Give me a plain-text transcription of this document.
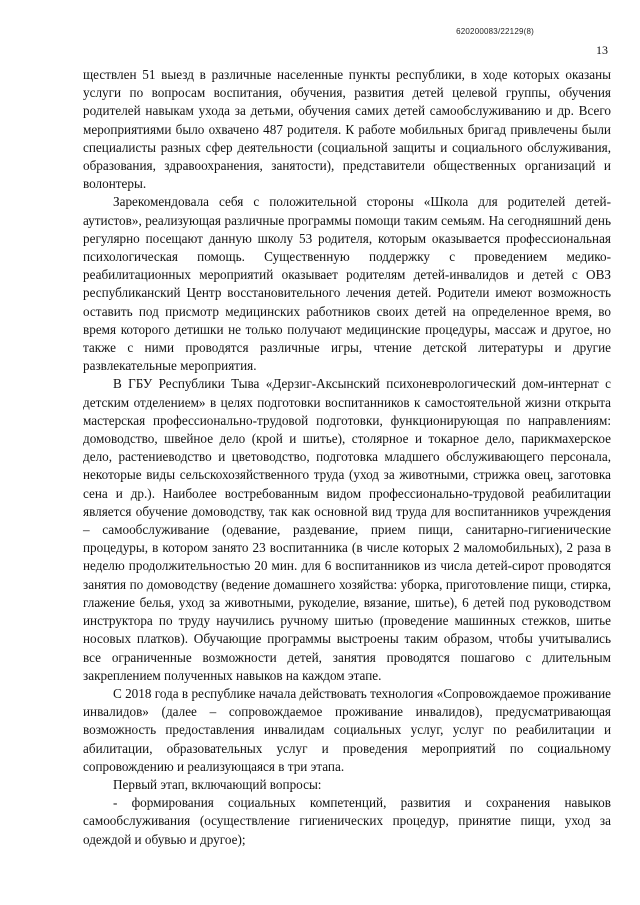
620200083/22129(8)
13

ществлен 51 выезд в различные населенные пункты республики, в ходе которых оказаны услуги по вопросам воспитания, обучения, развития детей целевой группы, обучения родителей навыкам ухода за детьми, обучения самих детей самообслуживанию и др. Всего мероприятиями было охвачено 487 родителя. К работе мобильных бригад привлечены были специалисты разных сфер деятельности (социальной защиты и социального обслуживания, образования, здравоохранения, занятости), представители общественных организаций и волонтеры.

Зарекомендовала себя с положительной стороны «Школа для родителей детей-аутистов», реализующая различные программы помощи таким семьям. На сегодняшний день регулярно посещают данную школу 53 родителя, которым оказывается профессиональная психологическая помощь. Существенную поддержку с проведением медико-реабилитационных мероприятий оказывает родителям детей-инвалидов и детей с ОВЗ республиканский Центр восстановительного лечения детей. Родители имеют возможность оставить под присмотр медицинских работников своих детей на определенное время, во время которого детишки не только получают медицинские процедуры, массаж и другое, но также с ними проводятся различные игры, чтение детской литературы и другие развлекательные мероприятия.

В ГБУ Республики Тыва «Дерзиг-Аксынский психоневрологический дом-интернат с детским отделением» в целях подготовки воспитанников к самостоятельной жизни открыта мастерская профессионально-трудовой подготовки, функционирующая по направлениям: домоводство, швейное дело (крой и шитье), столярное и токарное дело, парикмахерское дело, растениеводство и цветоводство, подготовка младшего обслуживающего персонала, некоторые виды сельскохозяйственного труда (уход за животными, стрижка овец, заготовка сена и др.). Наиболее востребованным видом профессионально-трудовой реабилитации является обучение домоводству, так как основной вид труда для воспитанников учреждения – самообслуживание (одевание, раздевание, прием пищи, санитарно-гигиенические процедуры, в котором занято 23 воспитанника (в числе которых 2 маломобильных), 2 раза в неделю продолжительностью 20 мин. для 6 воспитанников из числа детей-сирот проводятся занятия по домоводству (ведение домашнего хозяйства: уборка, приготовление пищи, стирка, глажение белья, уход за животными, рукоделие, вязание, шитье), 6 детей под руководством инструктора по труду научились ручному шитью (проведение машинных стежков, шитье носовых платков). Обучающие программы выстроены таким образом, чтобы учитывались все ограниченные возможности детей, занятия проводятся пошагово с длительным закреплением полученных навыков на каждом этапе.

С 2018 года в республике начала действовать технология «Сопровождаемое проживание инвалидов» (далее – сопровождаемое проживание инвалидов), предусматривающая возможность предоставления инвалидам социальных услуг, услуг по реабилитации и абилитации, образовательных услуг и проведения мероприятий по социальному сопровождению и реализующаяся в три этапа.

Первый этап, включающий вопросы:

- формирования социальных компетенций, развития и сохранения навыков самообслуживания (осуществление гигиенических процедур, принятие пищи, уход за одеждой и обувью и другое);
